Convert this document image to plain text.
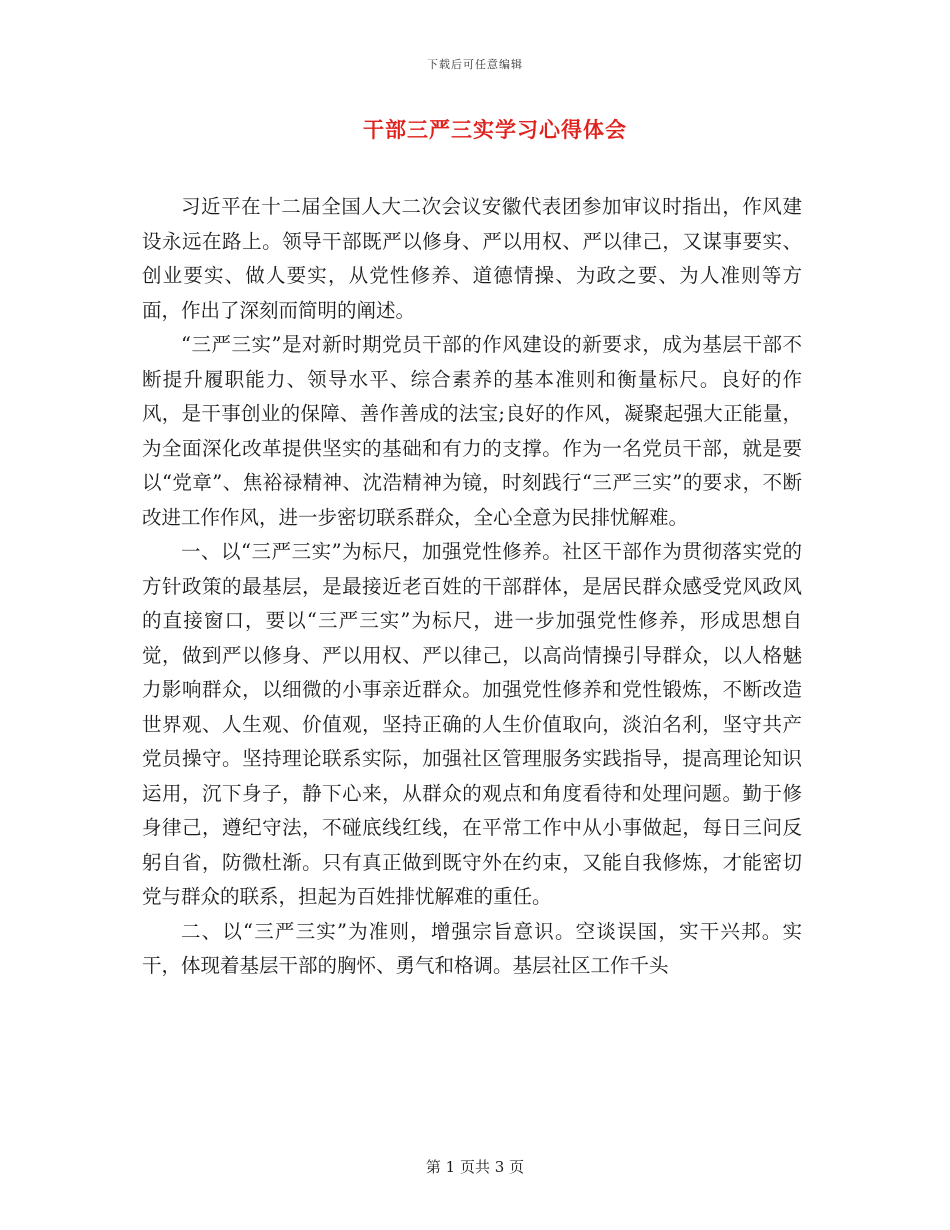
下载后可任意编辑
干部三严三实学习心得体会

习近平在十二届全国人大二次会议安徽代表团参加审议时指出，作风建设永远在路上。领导干部既严以修身、严以用权、严以律己，又谋事要实、创业要实、做人要实，从党性修养、道德情操、为政之要、为人准则等方面，作出了深刻而简明的阐述。

“三严三实”是对新时期党员干部的作风建设的新要求，成为基层干部不断提升履职能力、领导水平、综合素养的基本准则和衡量标尺。良好的作风，是干事创业的保障、善作善成的法宝;良好的作风，凝聚起强大正能量，为全面深化改革提供坚实的基础和有力的支撑。作为一名党员干部，就是要以“党章”、焦裕禄精神、沈浩精神为镜，时刻践行“三严三实”的要求，不断改进工作作风，进一步密切联系群众，全心全意为民排忧解难。

一、以“三严三实”为标尺，加强党性修养。社区干部作为贯彻落实党的方针政策的最基层，是最接近老百姓的干部群体，是居民群众感受党风政风的直接窗口，要以“三严三实”为标尺，进一步加强党性修养，形成思想自觉，做到严以修身、严以用权、严以律己，以高尚情操引导群众，以人格魅力影响群众，以细微的小事亲近群众。加强党性修养和党性锻炼，不断改造世界观、人生观、价值观，坚持正确的人生价值取向，淡泊名利，坚守共产党员操守。坚持理论联系实际，加强社区管理服务实践指导，提高理论知识运用，沉下身子，静下心来，从群众的观点和角度看待和处理问题。勤于修身律己，遵纪守法，不碰底线红线，在平常工作中从小事做起，每日三问反躬自省，防微杜渐。只有真正做到既守外在约束，又能自我修炼，才能密切党与群众的联系，担起为百姓排忧解难的重任。

二、以“三严三实”为准则，增强宗旨意识。空谈误国，实干兴邦。实干，体现着基层干部的胸怀、勇气和格调。基层社区工作千头

第 1 页共 3 页
